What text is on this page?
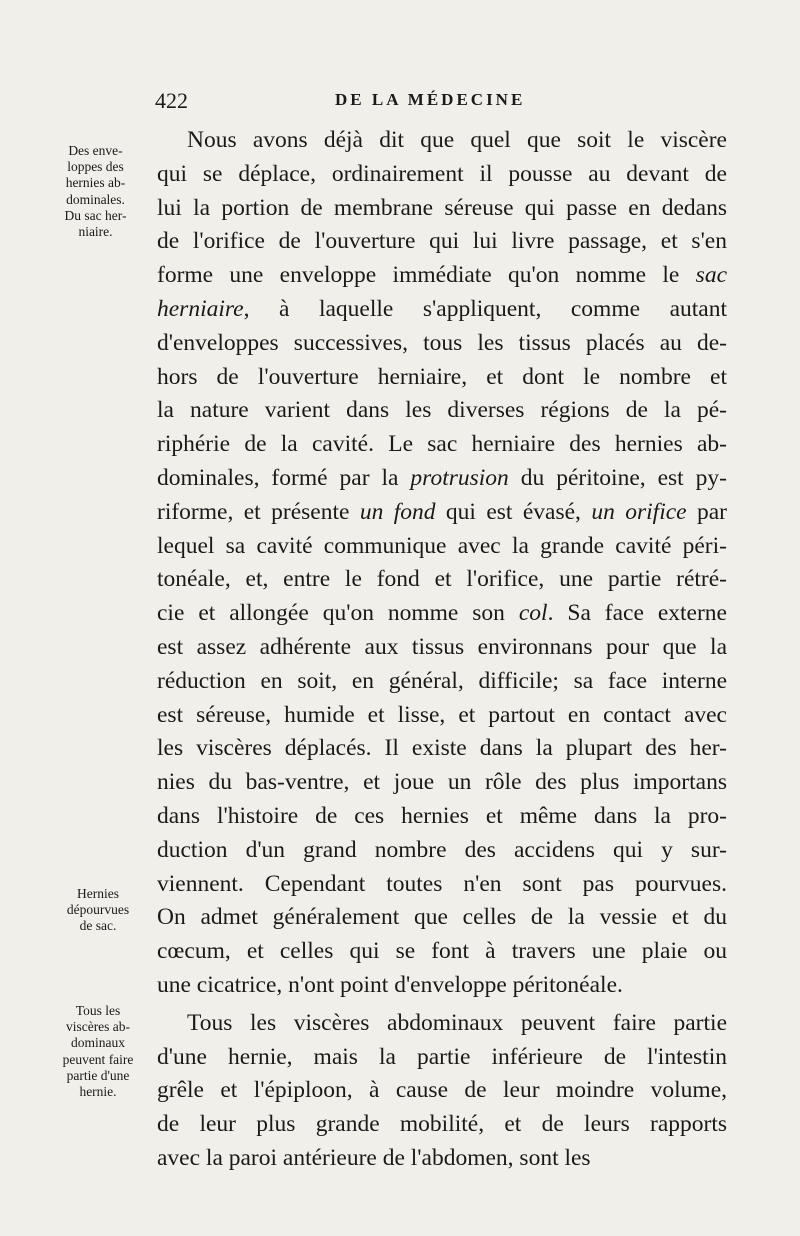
422	DE LA MÉDECINE
Des enve-
loppes des
hernies ab-
dominales.
Du sac her-
niaire.
Hernies
dépourvues
de sac.
Tous les
viscères ab-
dominaux
peuvent faire
partie d'une
hernie.
Nous avons déjà dit que quel que soit le viscère
qui se déplace, ordinairement il pousse au devant de
lui la portion de membrane séreuse qui passe en dedans
de l'orifice de l'ouverture qui lui livre passage, et s'en
forme une enveloppe immédiate qu'on nomme le sac
herniaire, à laquelle s'appliquent, comme autant
d'enveloppes successives, tous les tissus placés au de-
hors de l'ouverture herniaire, et dont le nombre et
la nature varient dans les diverses régions de la pé-
riphérie de la cavité. Le sac herniaire des hernies ab-
dominales, formé par la protrusion du péritoine, est py-
riforme, et présente un fond qui est évasé, un orifice par
lequel sa cavité communique avec la grande cavité péri-
tonéale, et, entre le fond et l'orifice, une partie rétré-
cie et allongée qu'on nomme son col. Sa face externe
est assez adhérente aux tissus environnans pour que la
réduction en soit, en général, difficile; sa face interne
est séreuse, humide et lisse, et partout en contact avec
les viscères déplacés. Il existe dans la plupart des her-
nies du bas-ventre, et joue un rôle des plus importans
dans l'histoire de ces hernies et même dans la pro-
duction d'un grand nombre des accidens qui y sur-
viennent. Cependant toutes n'en sont pas pourvues.
On admet généralement que celles de la vessie et du
cœcum, et celles qui se font à travers une plaie ou
une cicatrice, n'ont point d'enveloppe péritonéale.
Tous les viscères abdominaux peuvent faire partie
d'une hernie, mais la partie inférieure de l'intestin
grêle et l'épiploon, à cause de leur moindre volume,
de leur plus grande mobilité, et de leurs rapports
avec la paroi antérieure de l'abdomen, sont les
